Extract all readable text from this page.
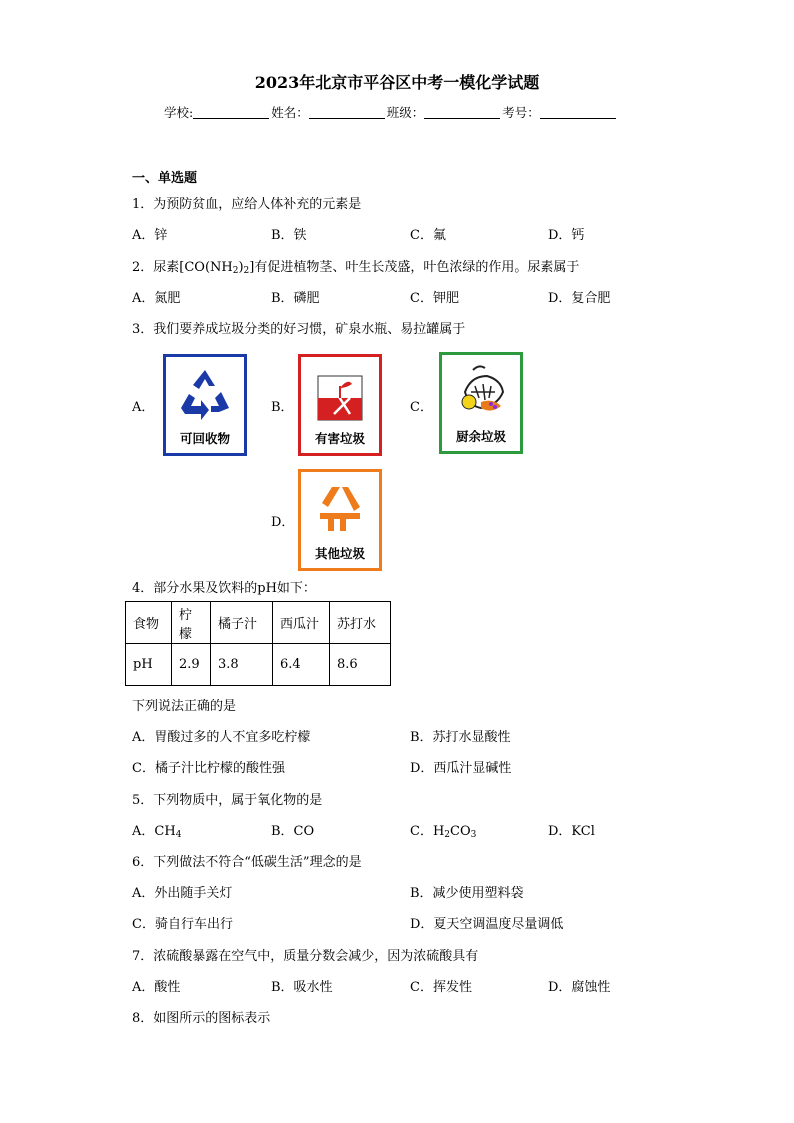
2023年北京市平谷区中考一模化学试题
学校:	姓名：	班级：	考号：
一、单选题
1．为预防贫血，应给人体补充的元素是
A．锌	B．铁	C．氟	D．钙
2．尿素$[CO(NH_2)_2]$有促进植物茎、叶生长茂盛，叶色浓绿的作用。尿素属于
A．氮肥	B．磷肥	C．钾肥	D．复合肥
3．我们要养成垃圾分类的好习惯，矿泉水瓶、易拉罐属于
A．	B．	C．
D．
可回收物	有害垃圾	厨余垃圾
其他垃圾
4．部分水果及饮料的pH如下：
食物	柠檬	橘子汁	西瓜汁	苏打水
pH	2.9	3.8	6.4	8.6
下列说法正确的是
A．胃酸过多的人不宜多吃柠檬	B．苏打水显酸性
C．橘子汁比柠檬的酸性强	D．西瓜汁显碱性
5．下列物质中，属于氧化物的是
A．$CH_4$	B．CO	C．$H_2CO_3$	D．KCl
6．下列做法不符合“低碳生活”理念的是
A．外出随手关灯	B．减少使用塑料袋
C．骑自行车出行	D．夏天空调温度尽量调低
7．浓硫酸暴露在空气中，质量分数会减少，因为浓硫酸具有
A．酸性	B．吸水性	C．挥发性	D．腐蚀性
8．如图所示的图标表示
